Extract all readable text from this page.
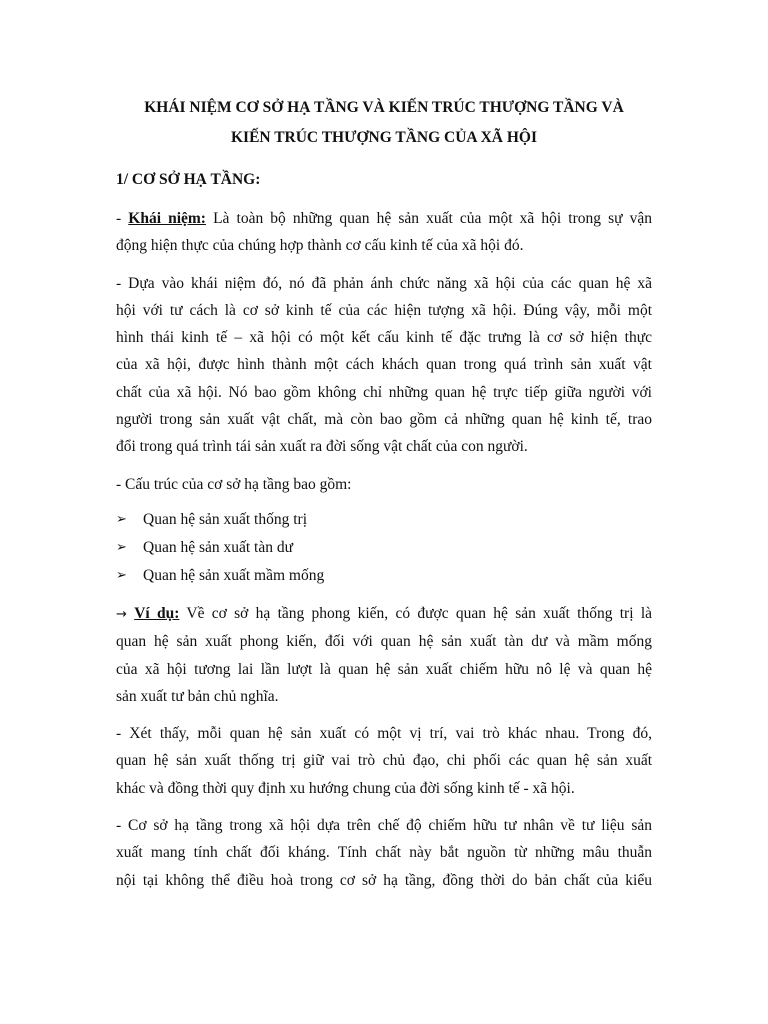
KHÁI NIỆM CƠ SỞ HẠ TẦNG VÀ KIẾN TRÚC THƯỢNG TẦNG VÀ
KIẾN TRÚC THƯỢNG TẦNG CỦA XÃ HỘI
1/ CƠ SỞ HẠ TẦNG:
- Khái niệm: Là toàn bộ những quan hệ sản xuất của một xã hội trong sự vận
động hiện thực của chúng hợp thành cơ cấu kinh tế của xã hội đó.
- Dựa vào khái niệm đó, nó đã phản ánh chức năng xã hội của các quan hệ xã
hội với tư cách là cơ sở kinh tế của các hiện tượng xã hội. Đúng vậy, mỗi một
hình thái kinh tế – xã hội có một kết cấu kinh tế đặc trưng là cơ sở hiện thực
của xã hội, được hình thành một cách khách quan trong quá trình sản xuất vật
chất của xã hội. Nó bao gồm không chỉ những quan hệ trực tiếp giữa người với
người trong sản xuất vật chất, mà còn bao gồm cả những quan hệ kinh tế, trao
đổi trong quá trình tái sản xuất ra đời sống vật chất của con người.
- Cấu trúc của cơ sở hạ tầng bao gồm:
➢ Quan hệ sản xuất thống trị
➢ Quan hệ sản xuất tàn dư
➢ Quan hệ sản xuất mầm mống
→ Ví dụ: Về cơ sở hạ tầng phong kiến, có được quan hệ sản xuất thống trị là
quan hệ sản xuất phong kiến, đối với quan hệ sản xuất tàn dư và mầm mống
của xã hội tương lai lần lượt là quan hệ sản xuất chiếm hữu nô lệ và quan hệ
sản xuất tư bản chủ nghĩa.
- Xét thấy, mỗi quan hệ sản xuất có một vị trí, vai trò khác nhau. Trong đó,
quan hệ sản xuất thống trị giữ vai trò chủ đạo, chi phối các quan hệ sản xuất
khác và đồng thời quy định xu hướng chung của đời sống kinh tế - xã hội.
- Cơ sở hạ tầng trong xã hội dựa trên chế độ chiếm hữu tư nhân về tư liệu sản
xuất mang tính chất đối kháng. Tính chất này bắt nguồn từ những mâu thuẫn
nội tại không thể điều hoà trong cơ sở hạ tầng, đồng thời do bản chất của kiểu
